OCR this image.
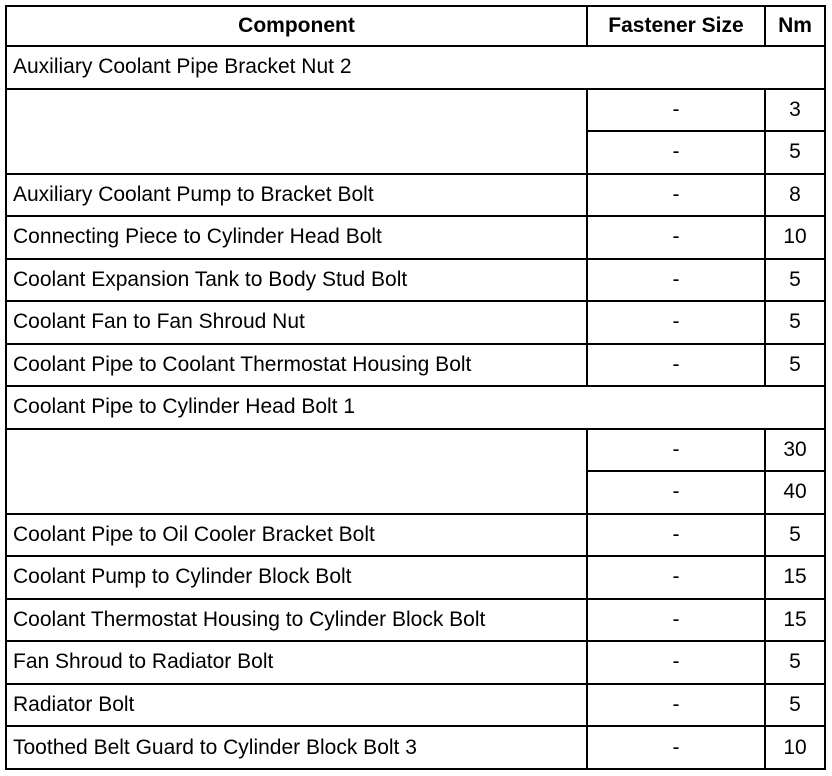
Component	Fastener Size	Nm
Auxiliary Coolant Pipe Bracket Nut 2		
	-	3
	-	5
Auxiliary Coolant Pump to Bracket Bolt	-	8
Connecting Piece to Cylinder Head Bolt	-	10
Coolant Expansion Tank to Body Stud Bolt	-	5
Coolant Fan to Fan Shroud Nut	-	5
Coolant Pipe to Coolant Thermostat Housing Bolt	-	5
Coolant Pipe to Cylinder Head Bolt 1		
	-	30
	-	40
Coolant Pipe to Oil Cooler Bracket Bolt	-	5
Coolant Pump to Cylinder Block Bolt	-	15
Coolant Thermostat Housing to Cylinder Block Bolt	-	15
Fan Shroud to Radiator Bolt	-	5
Radiator Bolt	-	5
Toothed Belt Guard to Cylinder Block Bolt 3	-	10
